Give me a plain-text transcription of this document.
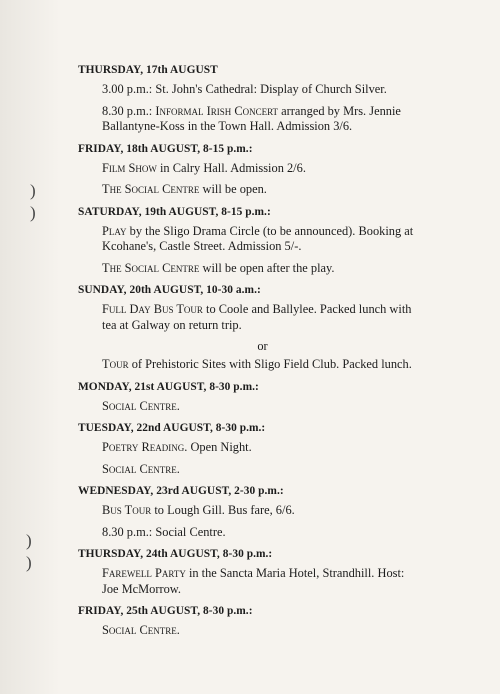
)
)
)
)
THURSDAY, 17th AUGUST

3.00 p.m.: St. John's Cathedral: Display of Church Silver.

8.30 p.m.: Informal Irish Concert arranged by Mrs. Jennie Ballantyne-Koss in the Town Hall. Admission 3/6.

FRIDAY, 18th AUGUST, 8-15 p.m.:

Film Show in Calry Hall. Admission 2/6.

The Social Centre will be open.

SATURDAY, 19th AUGUST, 8-15 p.m.:

Play by the Sligo Drama Circle (to be announced). Booking at Kcohane's, Castle Street. Admission 5/-.

The Social Centre will be open after the play.

SUNDAY, 20th AUGUST, 10-30 a.m.:

Full Day Bus Tour to Coole and Ballylee. Packed lunch with tea at Galway on return trip.

or

Tour of Prehistoric Sites with Sligo Field Club. Packed lunch.

MONDAY, 21st AUGUST, 8-30 p.m.:

Social Centre.

TUESDAY, 22nd AUGUST, 8-30 p.m.:

Poetry Reading. Open Night.

Social Centre.

WEDNESDAY, 23rd AUGUST, 2-30 p.m.:

Bus Tour to Lough Gill. Bus fare, 6/6.

8.30 p.m.: Social Centre.

THURSDAY, 24th AUGUST, 8-30 p.m.:

Farewell Party in the Sancta Maria Hotel, Strandhill. Host: Joe McMorrow.

FRIDAY, 25th AUGUST, 8-30 p.m.:

Social Centre.
